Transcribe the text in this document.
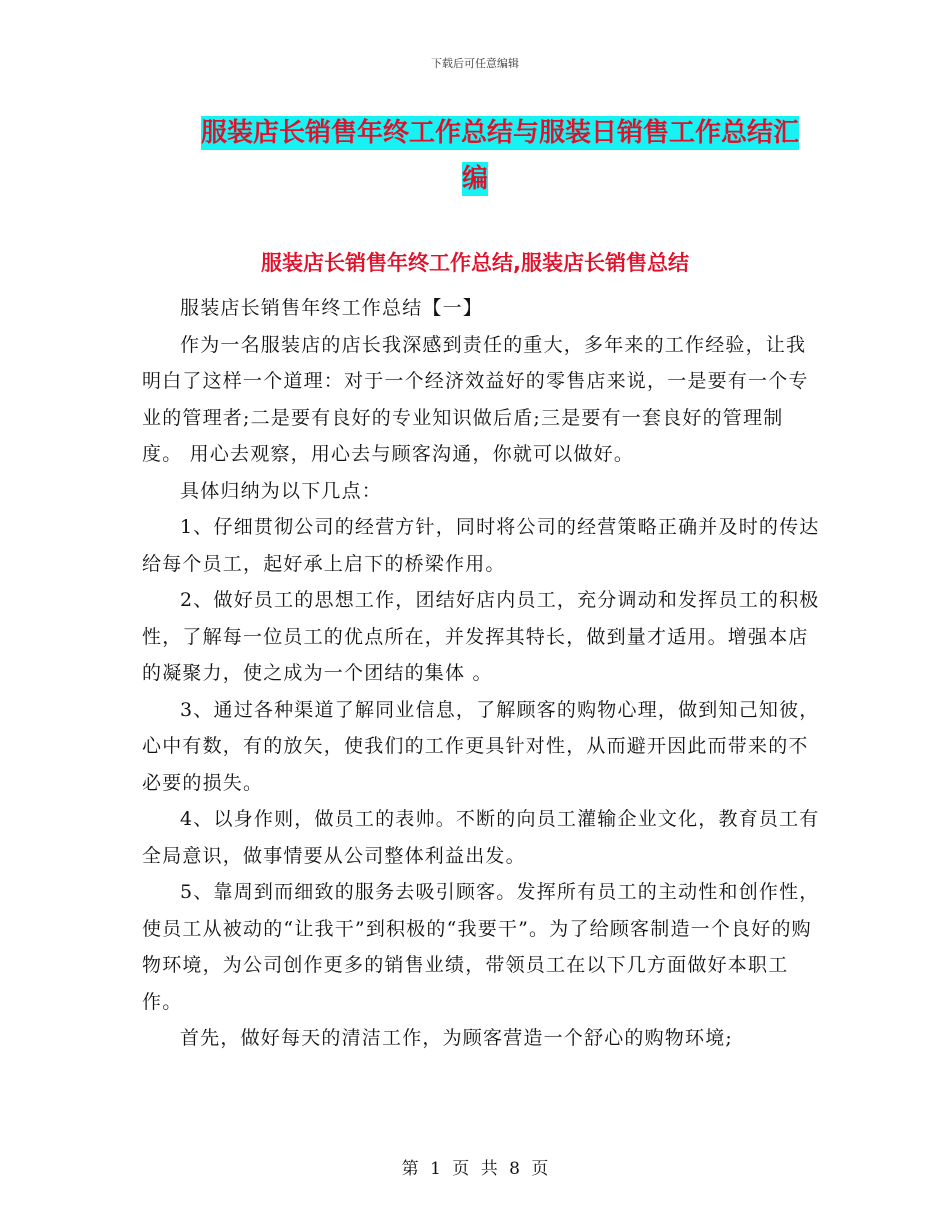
下载后可任意编辑
服装店长销售年终工作总结与服装日销售工作总结汇
编
服装店长销售年终工作总结,服装店长销售总结

服装店长销售年终工作总结【一】

作为一名服装店的店长我深感到责任的重大，多年来的工作经验，让我明白了这样一个道理：对于一个经济效益好的零售店来说，一是要有一个专业的管理者;二是要有良好的专业知识做后盾;三是要有一套良好的管理制度。 用心去观察，用心去与顾客沟通，你就可以做好。

具体归纳为以下几点：

1、仔细贯彻公司的经营方针，同时将公司的经营策略正确并及时的传达给每个员工，起好承上启下的桥梁作用。

2、做好员工的思想工作，团结好店内员工，充分调动和发挥员工的积极性，了解每一位员工的优点所在，并发挥其特长，做到量才适用。增强本店的凝聚力，使之成为一个团结的集体 。

3、通过各种渠道了解同业信息，了解顾客的购物心理，做到知己知彼，心中有数，有的放矢，使我们的工作更具针对性，从而避开因此而带来的不必要的损失。

4、以身作则，做员工的表帅。不断的向员工灌输企业文化，教育员工有全局意识，做事情要从公司整体利益出发。

5、靠周到而细致的服务去吸引顾客。发挥所有员工的主动性和创作性，使员工从被动的“让我干”到积极的“我要干”。为了给顾客制造一个良好的购物环境，为公司创作更多的销售业绩，带领员工在以下几方面做好本职工作。

首先，做好每天的清洁工作，为顾客营造一个舒心的购物环境;

第 1 页 共 8 页
